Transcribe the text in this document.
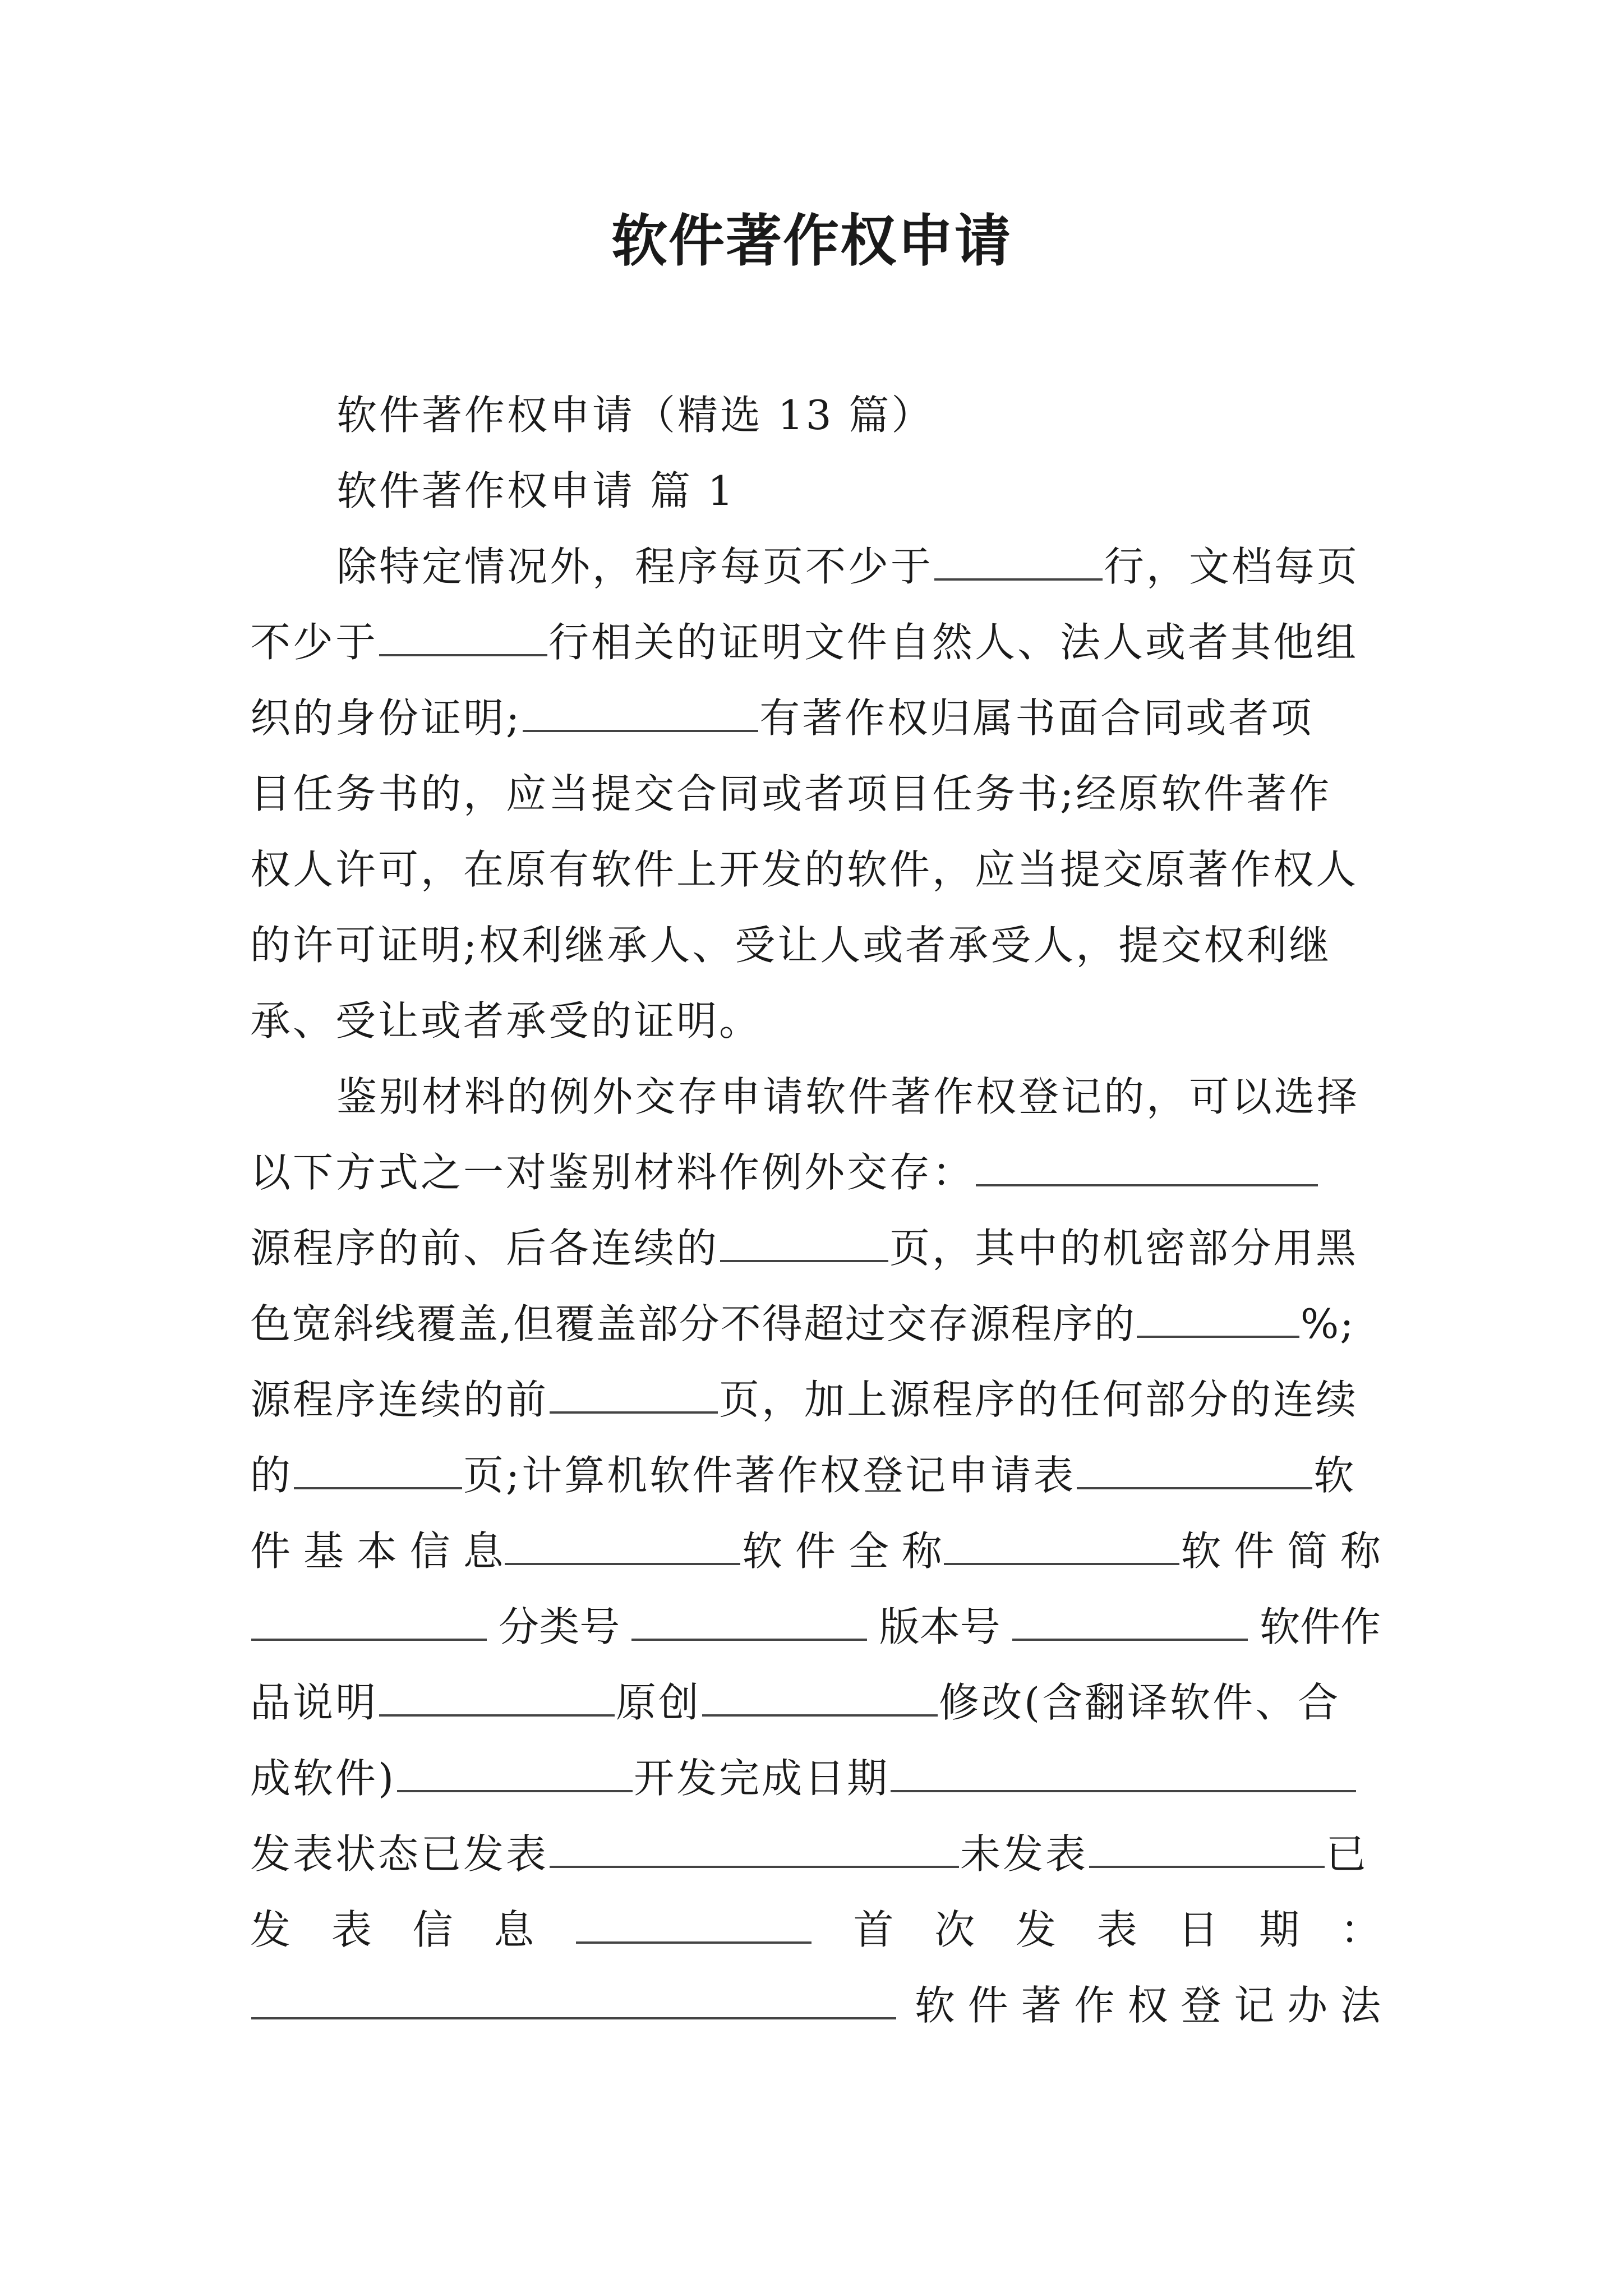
软件著作权申请
软件著作权申请（精选 13 篇）
软件著作权申请 篇 1
除特定情况外，程序每页不少于	行，文档每页
不少于	行相关的证明文件自然人、法人或者其他组
织的身份证明;	有著作权归属书面合同或者项
目任务书的，应当提交合同或者项目任务书;经原软件著作
权人许可，在原有软件上开发的软件，应当提交原著作权人
的许可证明;权利继承人、受让人或者承受人，提交权利继
承、受让或者承受的证明。
鉴别材料的例外交存申请软件著作权登记的，可以选择
以下方式之一对鉴别材料作例外交存：
源程序的前、后各连续的	页，其中的机密部分用黑
色宽斜线覆盖,但覆盖部分不得超过交存源程序的	%;
源程序连续的前	页，加上源程序的任何部分的连续
的	页;计算机软件著作权登记申请表	软
件 基 本 信 息	软 件 全 称	软 件 简 称
分类号	版本号	软件作
品说明	原创	修改(含翻译软件、合
成软件)	开发完成日期
发表状态已发表	未发表	已
发 表 信 息	首 次 发 表 日 期 ：
软 件 著 作 权 登 记 办 法
